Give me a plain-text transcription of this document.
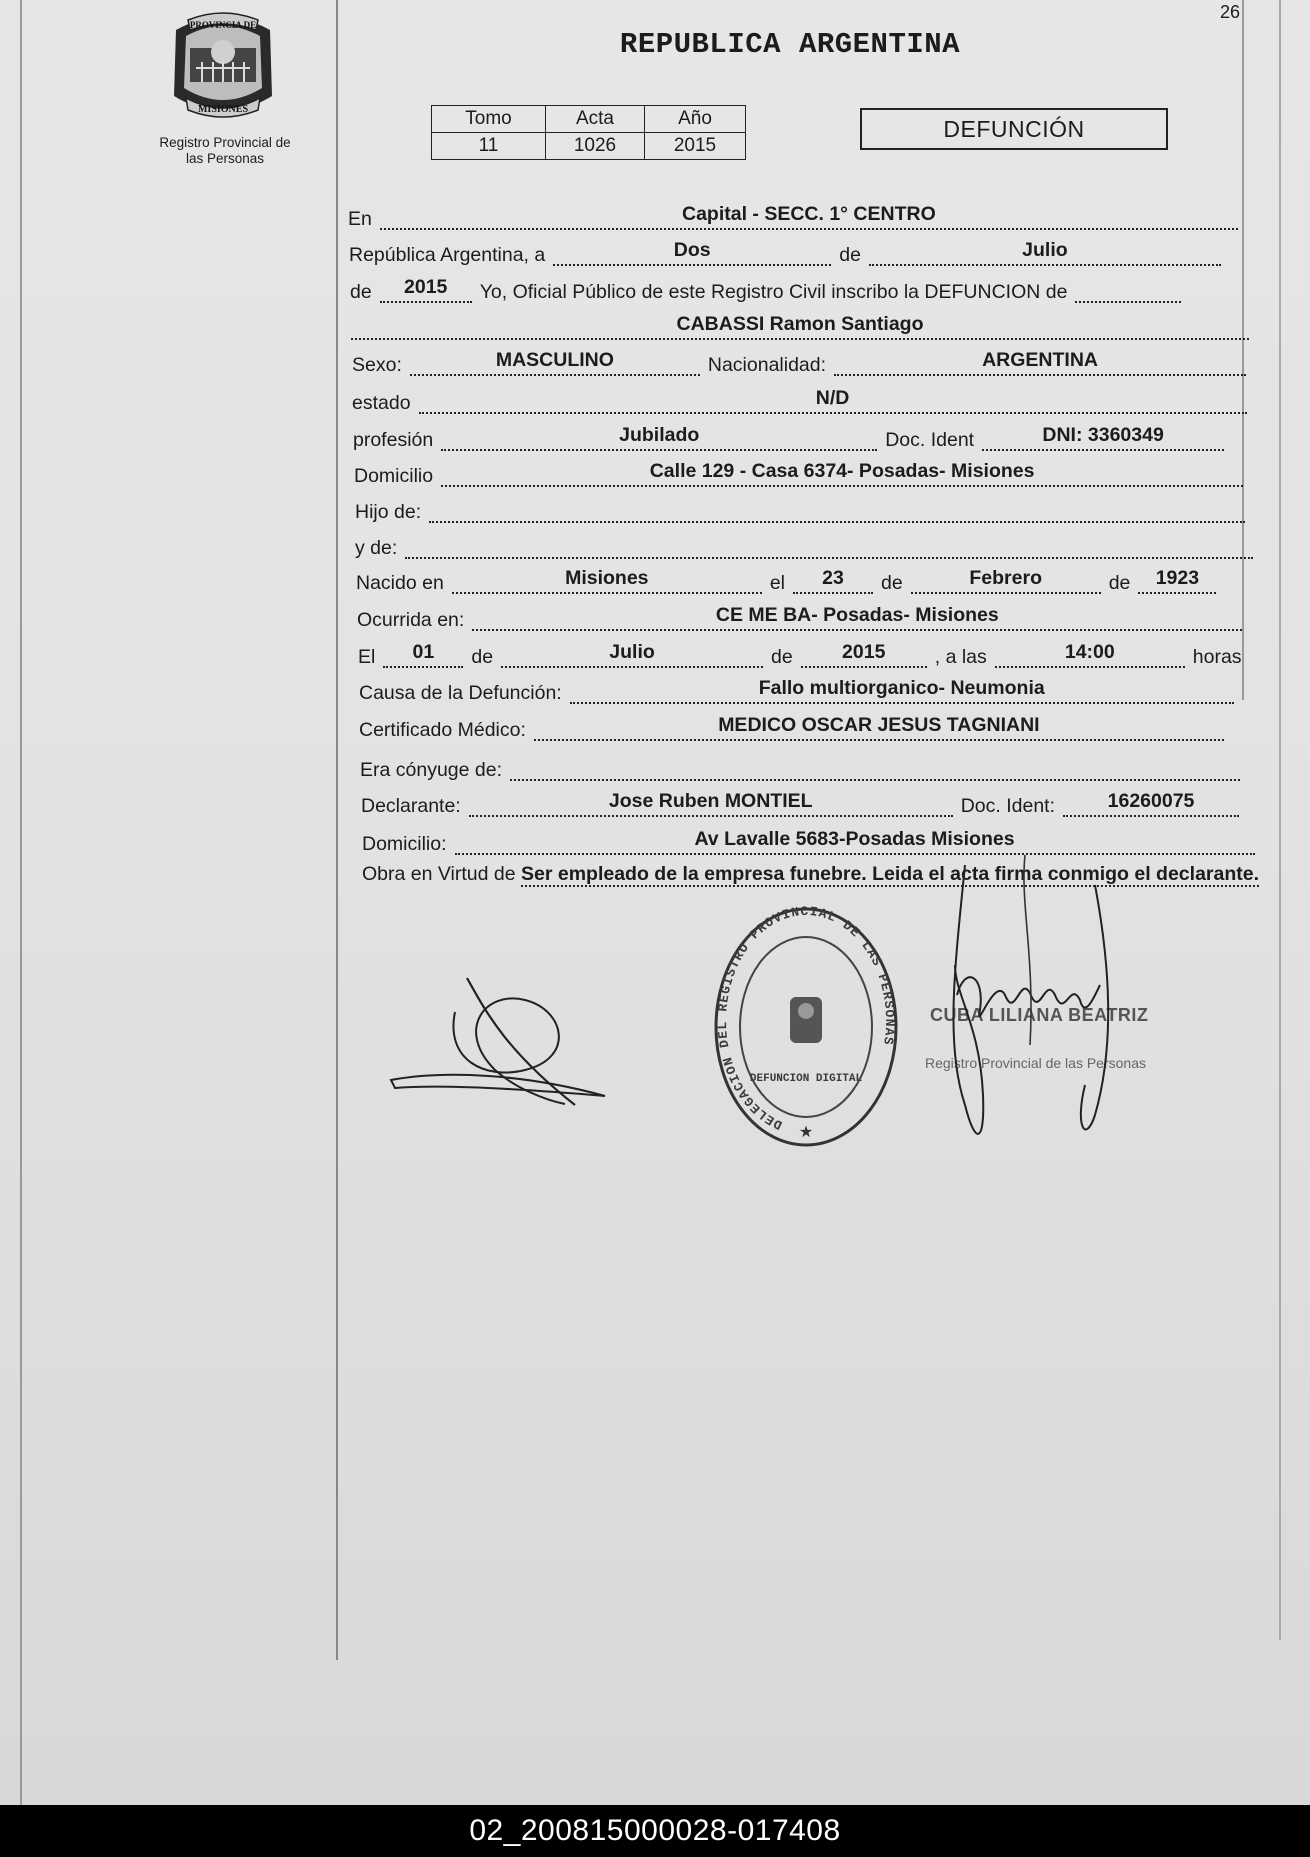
26
PROVINCIA DE
MISIONES
Registro Provincial de
las Personas
REPUBLICA ARGENTINA
Tomo	Acta	Año
11	1026	2015
DEFUNCIÓN
En	Capital - SECC. 1° CENTRO
República Argentina, a	Dos	de	Julio
de	2015	Yo, Oficial Público de este Registro Civil inscribo la DEFUNCION de
CABASSI Ramon Santiago
Sexo:	MASCULINO	Nacionalidad:	ARGENTINA
estado	N/D
profesión	Jubilado	Doc. Ident	DNI: 3360349
Domicilio	Calle 129 - Casa 6374- Posadas- Misiones
Hijo de:
y de:
Nacido en	Misiones	el	23	de	Febrero	de	1923
Ocurrida en:	CE ME BA- Posadas- Misiones
El	01	de	Julio	de	2015	, a las	14:00	horas
Causa de la Defunción:	Fallo multiorganico- Neumonia
Certificado Médico:	MEDICO OSCAR JESUS TAGNIANI
Era cónyuge de:
Declarante:	Jose Ruben MONTIEL	Doc. Ident:	16260075
Domicilio:	Av Lavalle 5683-Posadas Misiones
Obra en Virtud de Ser empleado de la empresa funebre. Leida el acta firma conmigo el declarante.
DELEGACION DEL REGISTRO PROVINCIAL DE LAS PERSONAS
★
DEFUNCION DIGITAL
CUBA LILIANA BEATRIZ
Registro Provincial de las Personas
02_200815000028-017408
